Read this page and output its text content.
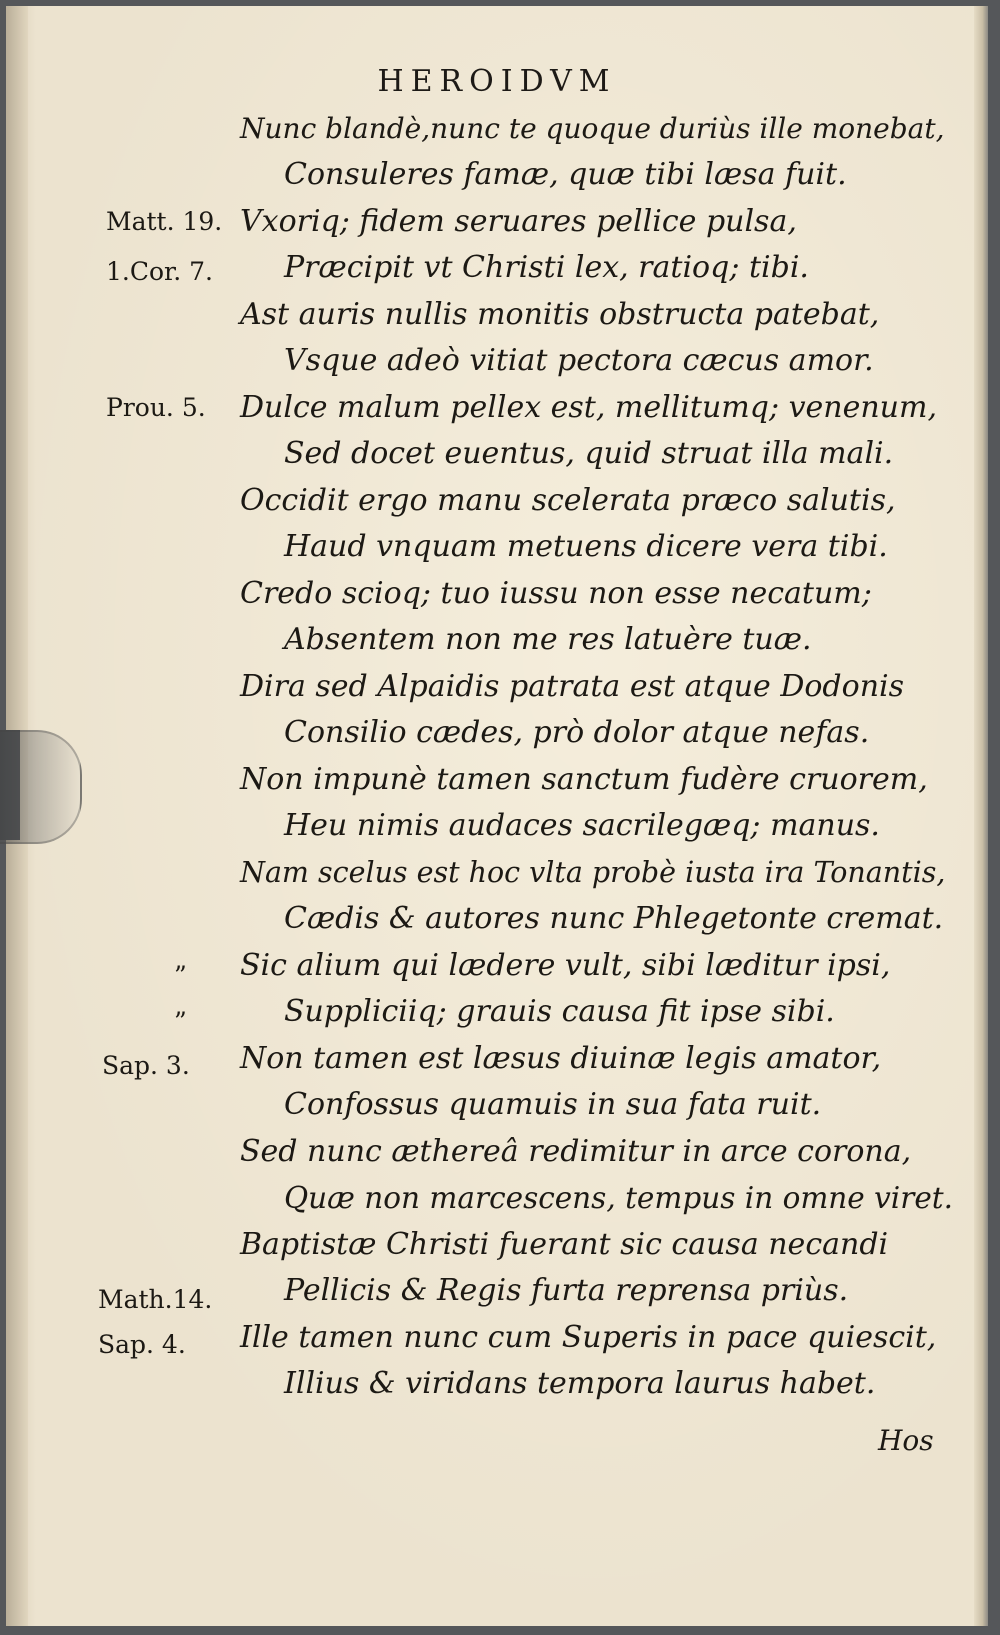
HEROIDVM
Matt. 19.
1.Cor. 7.
Prou. 5.
”
”
Sap. 3.
Math.14.
Sap. 4.
Nunc blandè,nunc te quoque duriùs ille monebat,
Consuleres famæ, quæ tibi læsa fuit.
Vxoriq; fidem seruares pellice pulsa,
Præcipit vt Christi lex, ratioq; tibi.
Ast auris nullis monitis obstructa patebat,
Vsque adeò vitiat pectora cæcus amor.
Dulce malum pellex est, mellitumq; venenum,
Sed docet euentus, quid struat illa mali.
Occidit ergo manu scelerata præco salutis,
Haud vnquam metuens dicere vera tibi.
Credo scioq; tuo iussu non esse necatum;
Absentem non me res latuère tuæ.
Dira sed Alpaidis patrata est atque Dodonis
Consilio cædes, prò dolor atque nefas.
Non impunè tamen sanctum fudère cruorem,
Heu nimis audaces sacrilegæq; manus.
Nam scelus est hoc vlta probè iusta ira Tonantis,
Cædis & autores nunc Phlegetonte cremat.
Sic alium qui lædere vult, sibi læditur ipsi,
Suppliciiq; grauis causa fit ipse sibi.
Non tamen est læsus diuinæ legis amator,
Confossus quamuis in sua fata ruit.
Sed nunc æthereâ redimitur in arce corona,
Quæ non marcescens, tempus in omne viret.
Baptistæ Christi fuerant sic causa necandi
Pellicis & Regis furta reprensa priùs.
Ille tamen nunc cum Superis in pace quiescit,
Illius & viridans tempora laurus habet.
Hos
